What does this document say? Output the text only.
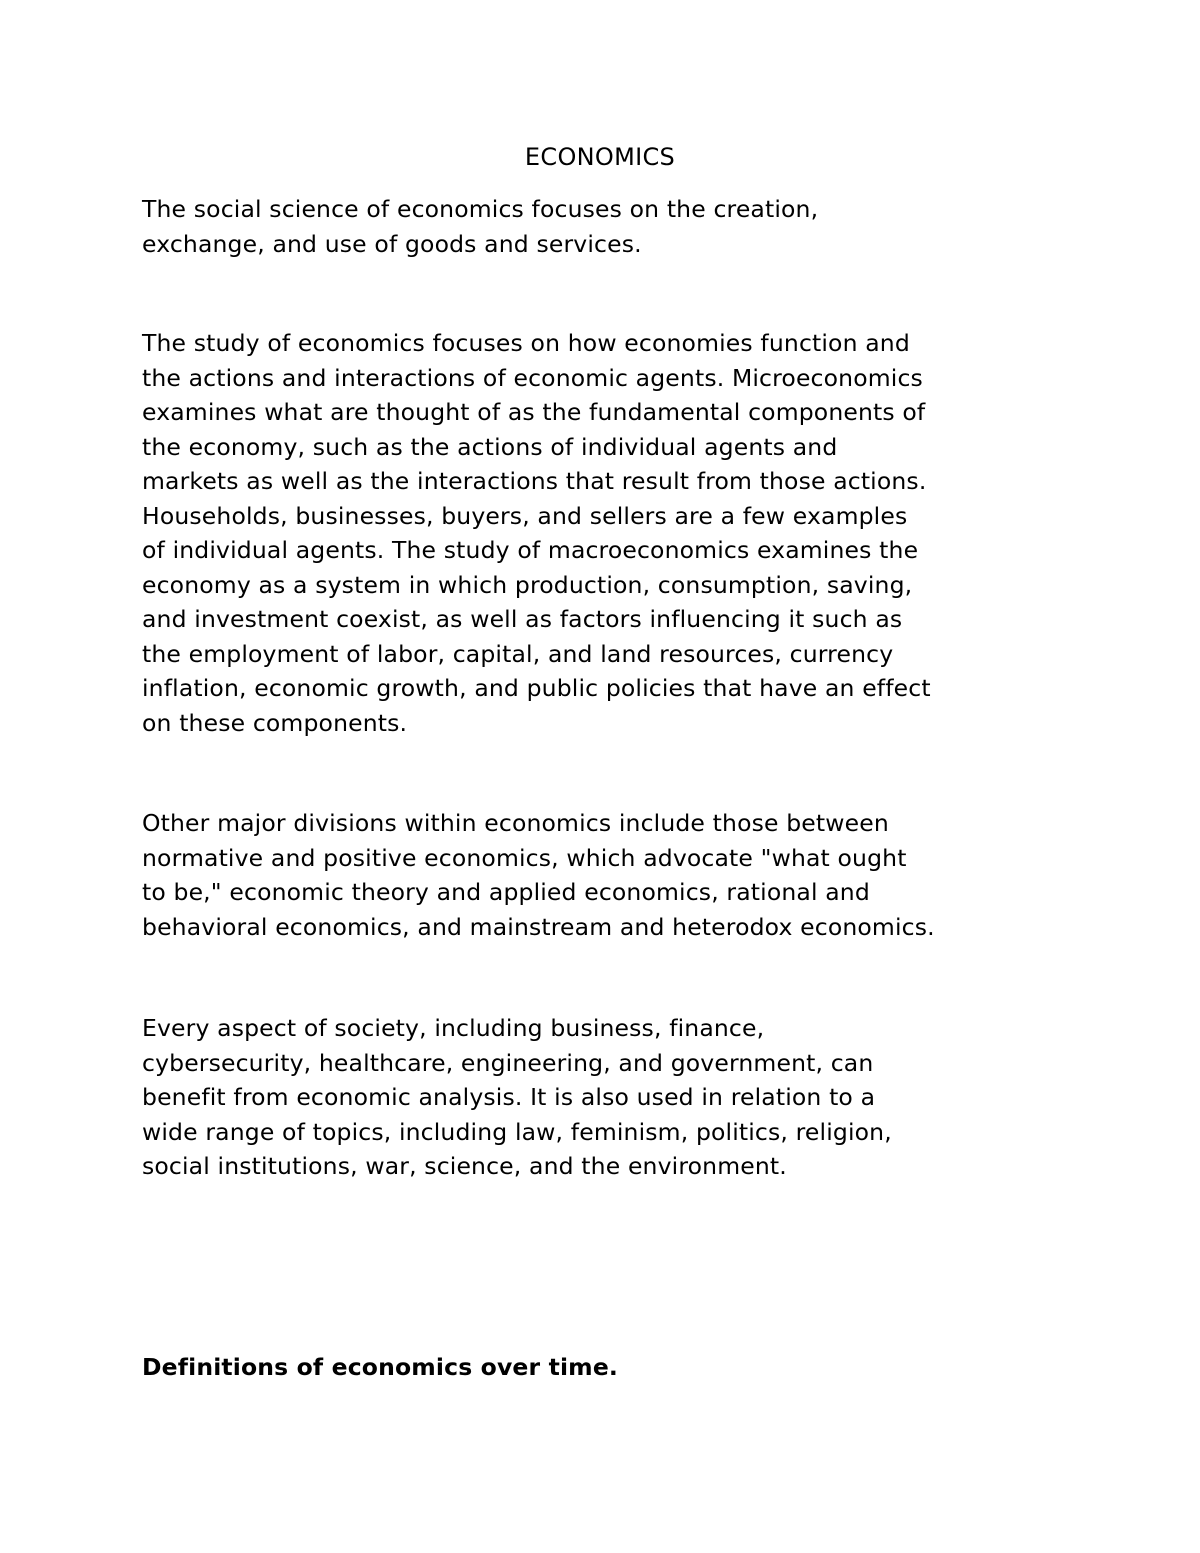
ECONOMICS

The social science of economics focuses on the creation,
exchange, and use of goods and services.

The study of economics focuses on how economies function and
the actions and interactions of economic agents. Microeconomics
examines what are thought of as the fundamental components of
the economy, such as the actions of individual agents and
markets as well as the interactions that result from those actions.
Households, businesses, buyers, and sellers are a few examples
of individual agents. The study of macroeconomics examines the
economy as a system in which production, consumption, saving,
and investment coexist, as well as factors influencing it such as
the employment of labor, capital, and land resources, currency
inflation, economic growth, and public policies that have an effect
on these components.

Other major divisions within economics include those between
normative and positive economics, which advocate "what ought
to be," economic theory and applied economics, rational and
behavioral economics, and mainstream and heterodox economics.

Every aspect of society, including business, finance,
cybersecurity, healthcare, engineering, and government, can
benefit from economic analysis. It is also used in relation to a
wide range of topics, including law, feminism, politics, religion,
social institutions, war, science, and the environment.

Definitions of economics over time.
